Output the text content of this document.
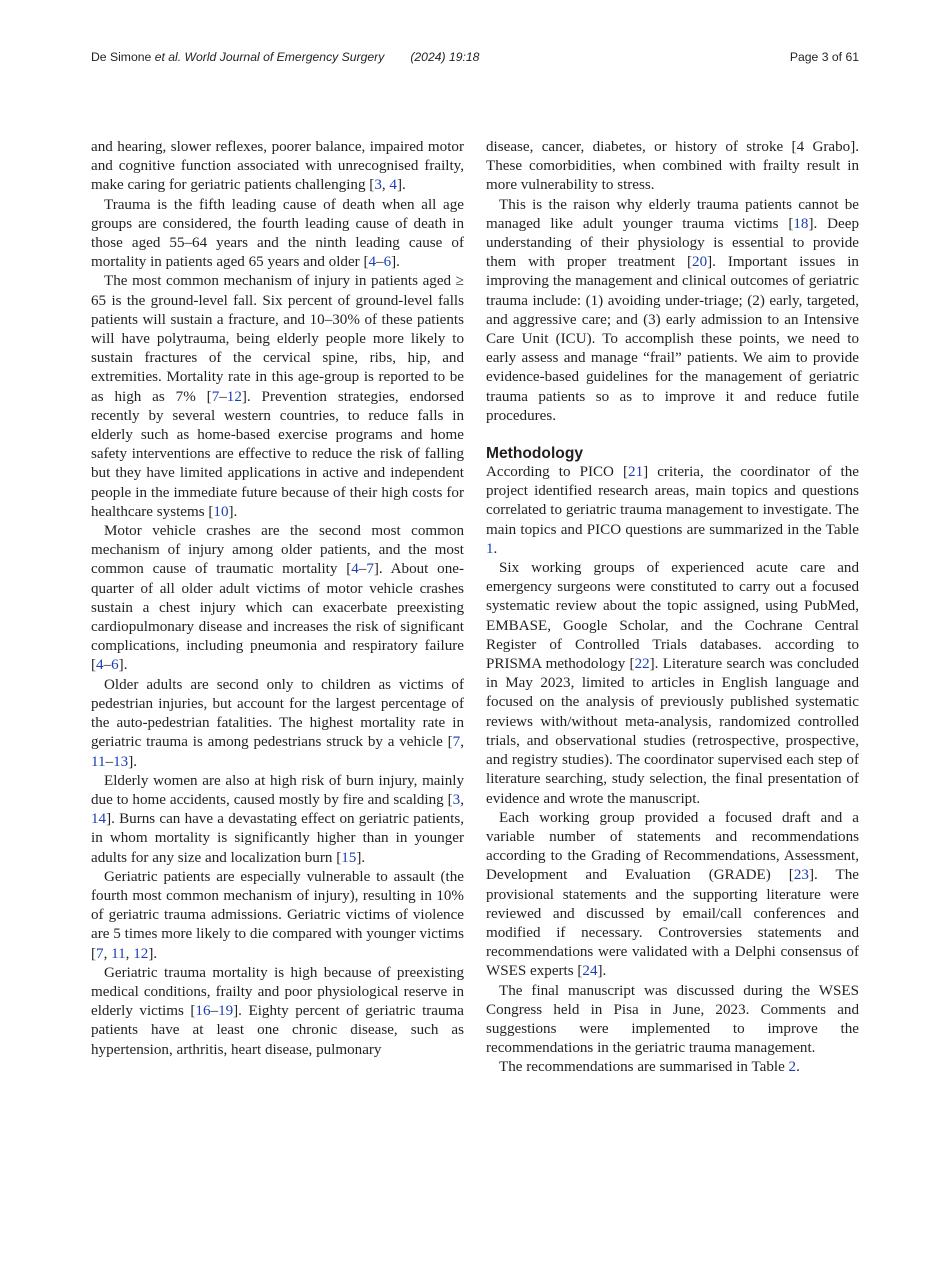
De Simone et al. World Journal of Emergency Surgery (2024) 19:18	Page 3 of 61

and hearing, slower reflexes, poorer balance, impaired motor and cognitive function associated with unrecognised frailty, make caring for geriatric patients challenging [3, 4].

Trauma is the fifth leading cause of death when all age groups are considered, the fourth leading cause of death in those aged 55–64 years and the ninth leading cause of mortality in patients aged 65 years and older [4–6].

The most common mechanism of injury in patients aged ≥ 65 is the ground-level fall. Six percent of ground-level falls patients will sustain a fracture, and 10–30% of these patients will have polytrauma, being elderly people more likely to sustain fractures of the cervical spine, ribs, hip, and extremities. Mortality rate in this age-group is reported to be as high as 7% [7–12]. Prevention strategies, endorsed recently by several western countries, to reduce falls in elderly such as home-based exercise programs and home safety interventions are effective to reduce the risk of falling but they have limited applications in active and independent people in the immediate future because of their high costs for healthcare systems [10].

Motor vehicle crashes are the second most common mechanism of injury among older patients, and the most common cause of traumatic mortality [4–7]. About one-quarter of all older adult victims of motor vehicle crashes sustain a chest injury which can exacerbate preexisting cardiopulmonary disease and increases the risk of significant complications, including pneumonia and respiratory failure [4–6].

Older adults are second only to children as victims of pedestrian injuries, but account for the largest percentage of the auto-pedestrian fatalities. The highest mortality rate in geriatric trauma is among pedestrians struck by a vehicle [7, 11–13].

Elderly women are also at high risk of burn injury, mainly due to home accidents, caused mostly by fire and scalding [3, 14]. Burns can have a devastating effect on geriatric patients, in whom mortality is significantly higher than in younger adults for any size and localization burn [15].

Geriatric patients are especially vulnerable to assault (the fourth most common mechanism of injury), resulting in 10% of geriatric trauma admissions. Geriatric victims of violence are 5 times more likely to die compared with younger victims [7, 11, 12].

Geriatric trauma mortality is high because of preexisting medical conditions, frailty and poor physiological reserve in elderly victims [16–19]. Eighty percent of geriatric trauma patients have at least one chronic disease, such as hypertension, arthritis, heart disease, pulmonary

disease, cancer, diabetes, or history of stroke [4 Grabo]. These comorbidities, when combined with frailty result in more vulnerability to stress.

This is the raison why elderly trauma patients cannot be managed like adult younger trauma victims [18]. Deep understanding of their physiology is essential to provide them with proper treatment [20]. Important issues in improving the management and clinical outcomes of geriatric trauma include: (1) avoiding under-triage; (2) early, targeted, and aggressive care; and (3) early admission to an Intensive Care Unit (ICU). To accomplish these points, we need to early assess and manage “frail” patients. We aim to provide evidence-based guidelines for the management of geriatric trauma patients so as to improve it and reduce futile procedures.

Methodology

According to PICO [21] criteria, the coordinator of the project identified research areas, main topics and questions correlated to geriatric trauma management to investigate. The main topics and PICO questions are summarized in the Table 1.

Six working groups of experienced acute care and emergency surgeons were constituted to carry out a focused systematic review about the topic assigned, using PubMed, EMBASE, Google Scholar, and the Cochrane Central Register of Controlled Trials databases. according to PRISMA methodology [22]. Literature search was concluded in May 2023, limited to articles in English language and focused on the analysis of previously published systematic reviews with/without meta-analysis, randomized controlled trials, and observational studies (retrospective, prospective, and registry studies). The coordinator supervised each step of literature searching, study selection, the final presentation of evidence and wrote the manuscript.

Each working group provided a focused draft and a variable number of statements and recommendations according to the Grading of Recommendations, Assessment, Development and Evaluation (GRADE) [23]. The provisional statements and the supporting literature were reviewed and discussed by email/call conferences and modified if necessary. Controversies statements and recommendations were validated with a Delphi consensus of WSES experts [24].

The final manuscript was discussed during the WSES Congress held in Pisa in June, 2023. Comments and suggestions were implemented to improve the recommendations in the geriatric trauma management.

The recommendations are summarised in Table 2.
